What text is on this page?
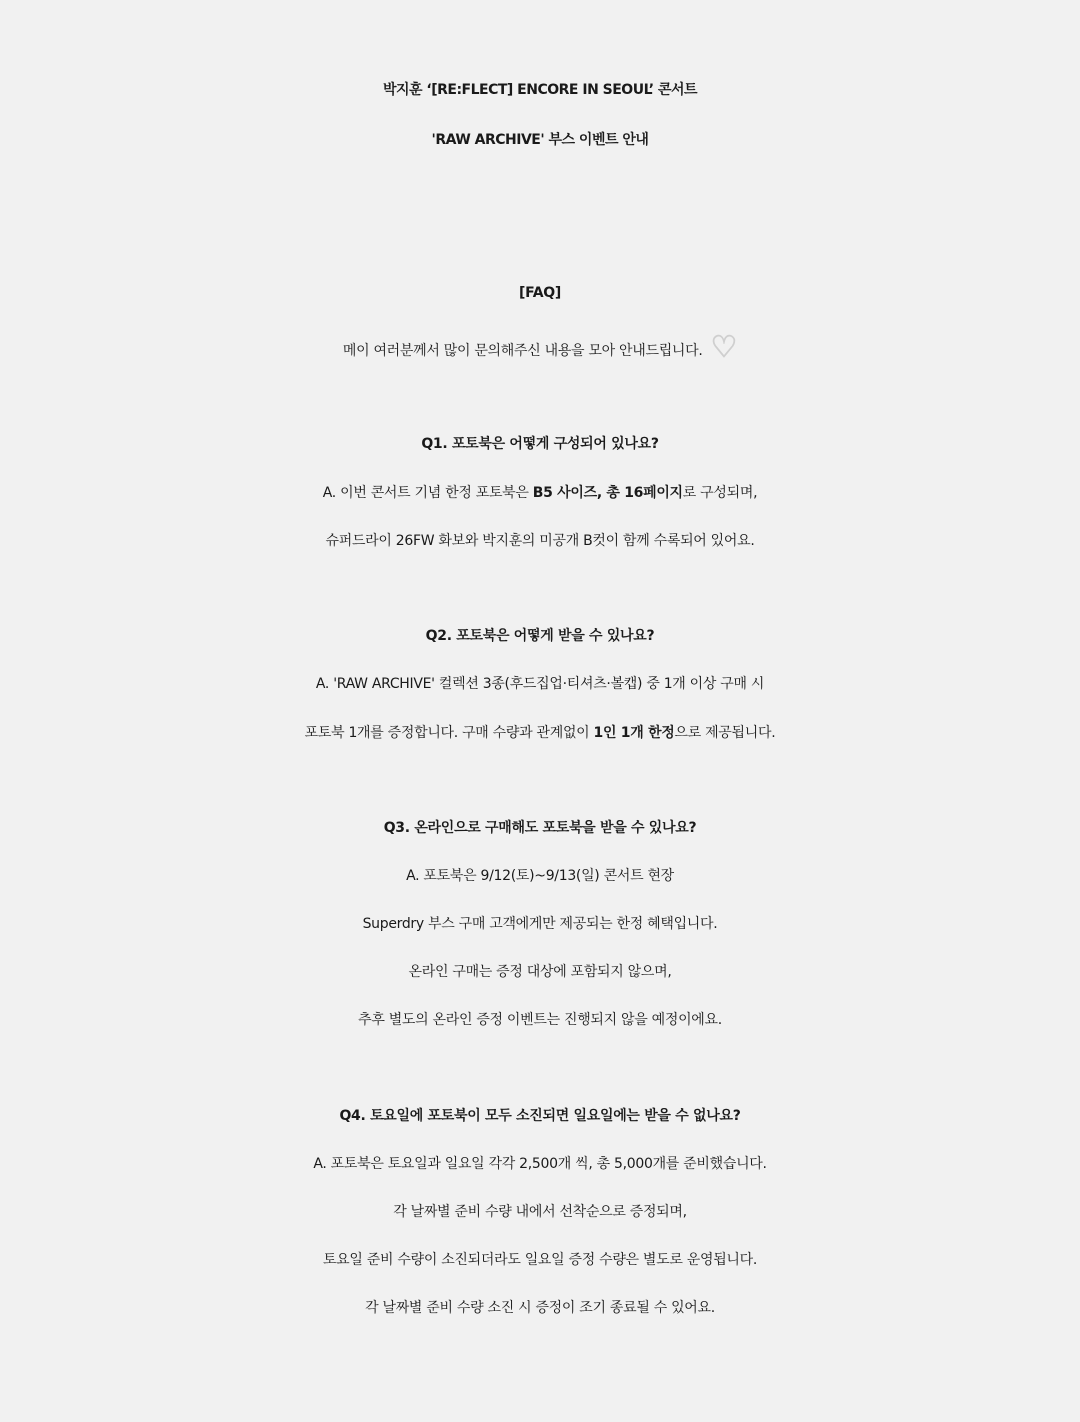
박지훈 ‘[RE:FLECT] ENCORE IN SEOUL’ 콘서트
'RAW ARCHIVE' 부스 이벤트 안내
[FAQ]
메이 여러분께서 많이 문의해주신 내용을 모아 안내드립니다. ♡
Q1. 포토북은 어떻게 구성되어 있나요?
A. 이번 콘서트 기념 한정 포토북은 B5 사이즈, 총 16페이지로 구성되며,
슈퍼드라이 26FW 화보와 박지훈의 미공개 B컷이 함께 수록되어 있어요.
Q2. 포토북은 어떻게 받을 수 있나요?
A. 'RAW ARCHIVE' 컬렉션 3종(후드집업·티셔츠·볼캡) 중 1개 이상 구매 시
포토북 1개를 증정합니다. 구매 수량과 관계없이 1인 1개 한정으로 제공됩니다.
Q3. 온라인으로 구매해도 포토북을 받을 수 있나요?
A. 포토북은 9/12(토)~9/13(일) 콘서트 현장
Superdry 부스 구매 고객에게만 제공되는 한정 혜택입니다.
온라인 구매는 증정 대상에 포함되지 않으며,
추후 별도의 온라인 증정 이벤트는 진행되지 않을 예정이에요.
Q4. 토요일에 포토북이 모두 소진되면 일요일에는 받을 수 없나요?
A. 포토북은 토요일과 일요일 각각 2,500개 씩, 총 5,000개를 준비했습니다.
각 날짜별 준비 수량 내에서 선착순으로 증정되며,
토요일 준비 수량이 소진되더라도 일요일 증정 수량은 별도로 운영됩니다.
각 날짜별 준비 수량 소진 시 증정이 조기 종료될 수 있어요.
